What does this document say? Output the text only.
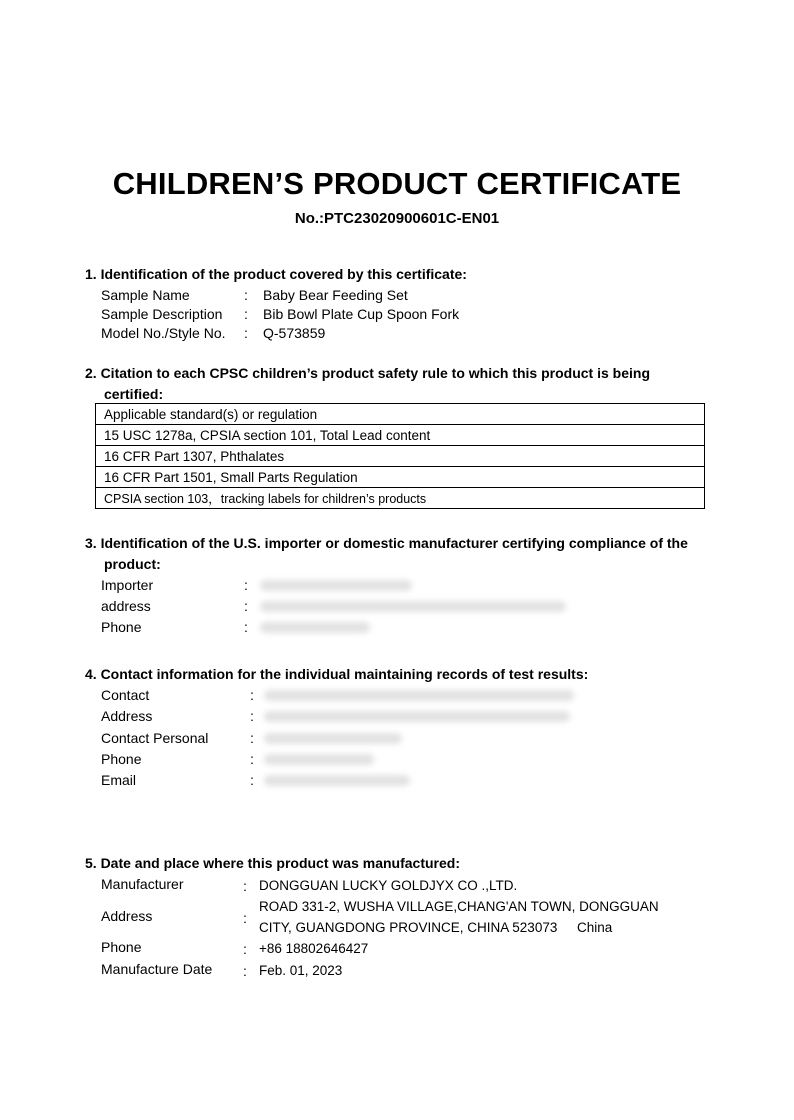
CHILDREN’S PRODUCT CERTIFICATE
No.:PTC23020900601C-EN01
1. Identification of the product covered by this certificate:
Sample Name	: Baby Bear Feeding Set
Sample Description : Bib Bowl Plate Cup Spoon Fork
Model No./Style No. : Q-573859
2. Citation to each CPSC children’s product safety rule to which this product is being
certified:
Applicable standard(s) or regulation
15 USC 1278a, CPSIA section 101, Total Lead content
16 CFR Part 1307, Phthalates
16 CFR Part 1501, Small Parts Regulation
CPSIA section 103，tracking labels for children’s products
3. Identification of the U.S. importer or domestic manufacturer certifying compliance of the
product:
Importer	:
address	:
Phone	:
4. Contact information for the individual maintaining records of test results:
Contact	:
Address	:
Contact Personal	:
Phone	:
Email	:
5. Date and place where this product was manufactured:
Manufacturer	: DONGGUAN LUCKY GOLDJYX CO .,LTD.
Address	:
ROAD 331-2, WUSHA VILLAGE,CHANG'AN TOWN, DONGGUAN
CITY, GUANGDONG PROVINCE, CHINA 523073 China
Phone	: +86 18802646427
Manufacture Date : Feb. 01, 2023
